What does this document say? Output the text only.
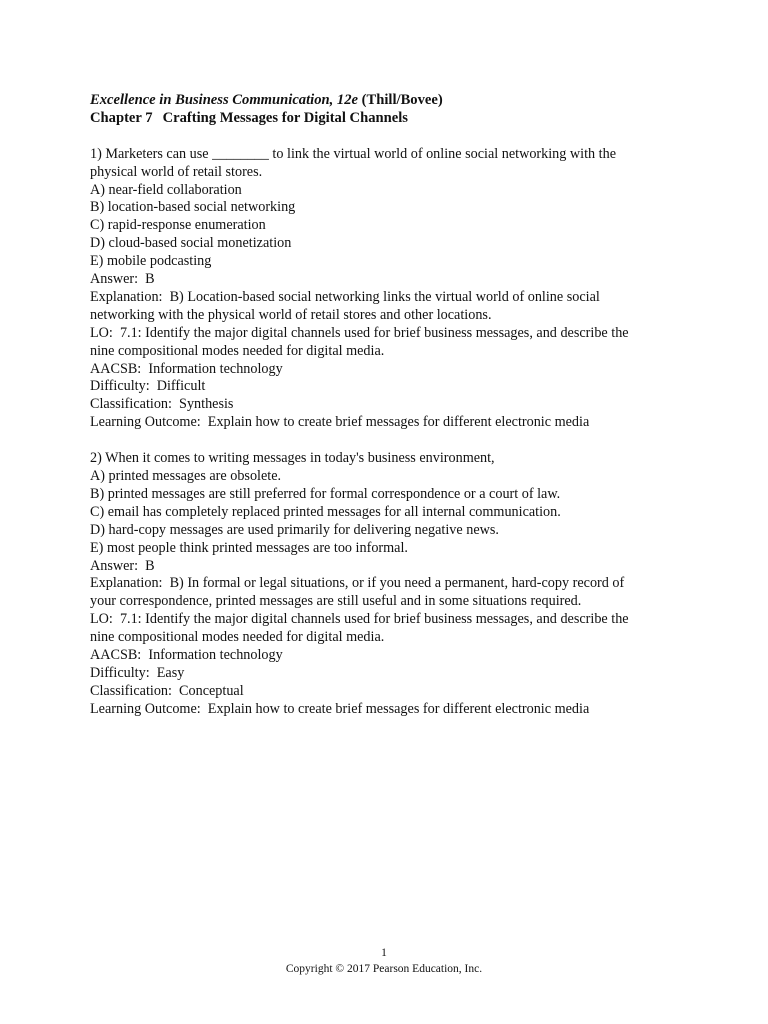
Excellence in Business Communication, 12e (Thill/Bovee)
Chapter 7 Crafting Messages for Digital Channels
1) Marketers can use ________ to link the virtual world of online social networking with the
physical world of retail stores.
A) near-field collaboration
B) location-based social networking
C) rapid-response enumeration
D) cloud-based social monetization
E) mobile podcasting
Answer:  B
Explanation:  B) Location-based social networking links the virtual world of online social
networking with the physical world of retail stores and other locations.
LO:  7.1: Identify the major digital channels used for brief business messages, and describe the
nine compositional modes needed for digital media.
AACSB:  Information technology
Difficulty:  Difficult
Classification:  Synthesis
Learning Outcome:  Explain how to create brief messages for different electronic media
2) When it comes to writing messages in today's business environment,
A) printed messages are obsolete.
B) printed messages are still preferred for formal correspondence or a court of law.
C) email has completely replaced printed messages for all internal communication.
D) hard-copy messages are used primarily for delivering negative news.
E) most people think printed messages are too informal.
Answer:  B
Explanation:  B) In formal or legal situations, or if you need a permanent, hard-copy record of
your correspondence, printed messages are still useful and in some situations required.
LO:  7.1: Identify the major digital channels used for brief business messages, and describe the
nine compositional modes needed for digital media.
AACSB:  Information technology
Difficulty:  Easy
Classification:  Conceptual
Learning Outcome:  Explain how to create brief messages for different electronic media
1
Copyright © 2017 Pearson Education, Inc.
